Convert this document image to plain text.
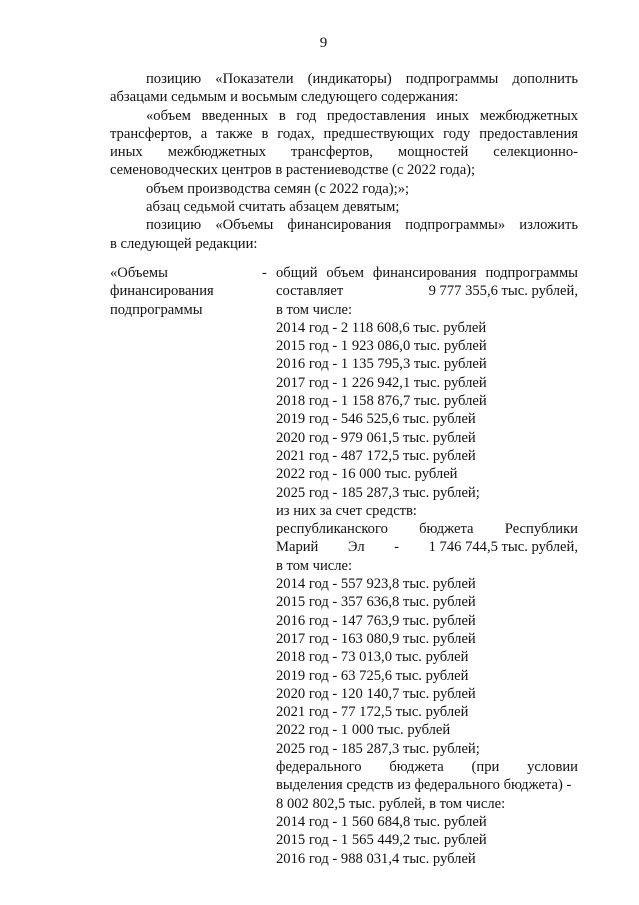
9
позицию «Показатели (индикаторы) подпрограммы дополнить
абзацами седьмым и восьмым следующего содержания:
«объем введенных в год предоставления иных межбюджетных
трансфертов, а также в годах, предшествующих году предоставления
иных межбюджетных трансфертов, мощностей селекционно-
семеноводческих центров в растениеводстве (с 2022 года);
объем производства семян (с 2022 года);»;
абзац седьмой считать абзацем девятым;
позицию «Объемы финансирования подпрограммы» изложить
в следующей редакции:
«Объемы
финансирования
подпрограммы
- общий объем финансирования подпрограммы
составляет	9 777 355,6 тыс. рублей,
в том числе:
2014 год - 2 118 608,6 тыс. рублей
2015 год - 1 923 086,0 тыс. рублей
2016 год - 1 135 795,3 тыс. рублей
2017 год - 1 226 942,1 тыс. рублей
2018 год - 1 158 876,7 тыс. рублей
2019 год - 546 525,6 тыс. рублей
2020 год - 979 061,5 тыс. рублей
2021 год - 487 172,5 тыс. рублей
2022 год - 16 000 тыс. рублей
2025 год - 185 287,3 тыс. рублей;
из них за счет средств:
республиканского бюджета Республики
Марий Эл - 1 746 744,5 тыс. рублей,
в том числе:
2014 год - 557 923,8 тыс. рублей
2015 год - 357 636,8 тыс. рублей
2016 год - 147 763,9 тыс. рублей
2017 год - 163 080,9 тыс. рублей
2018 год - 73 013,0 тыс. рублей
2019 год - 63 725,6 тыс. рублей
2020 год - 120 140,7 тыс. рублей
2021 год - 77 172,5 тыс. рублей
2022 год - 1 000 тыс. рублей
2025 год - 185 287,3 тыс. рублей;
федерального бюджета (при условии
выделения средств из федерального бюджета) -
8 002 802,5 тыс. рублей, в том числе:
2014 год - 1 560 684,8 тыс. рублей
2015 год - 1 565 449,2 тыс. рублей
2016 год - 988 031,4 тыс. рублей
